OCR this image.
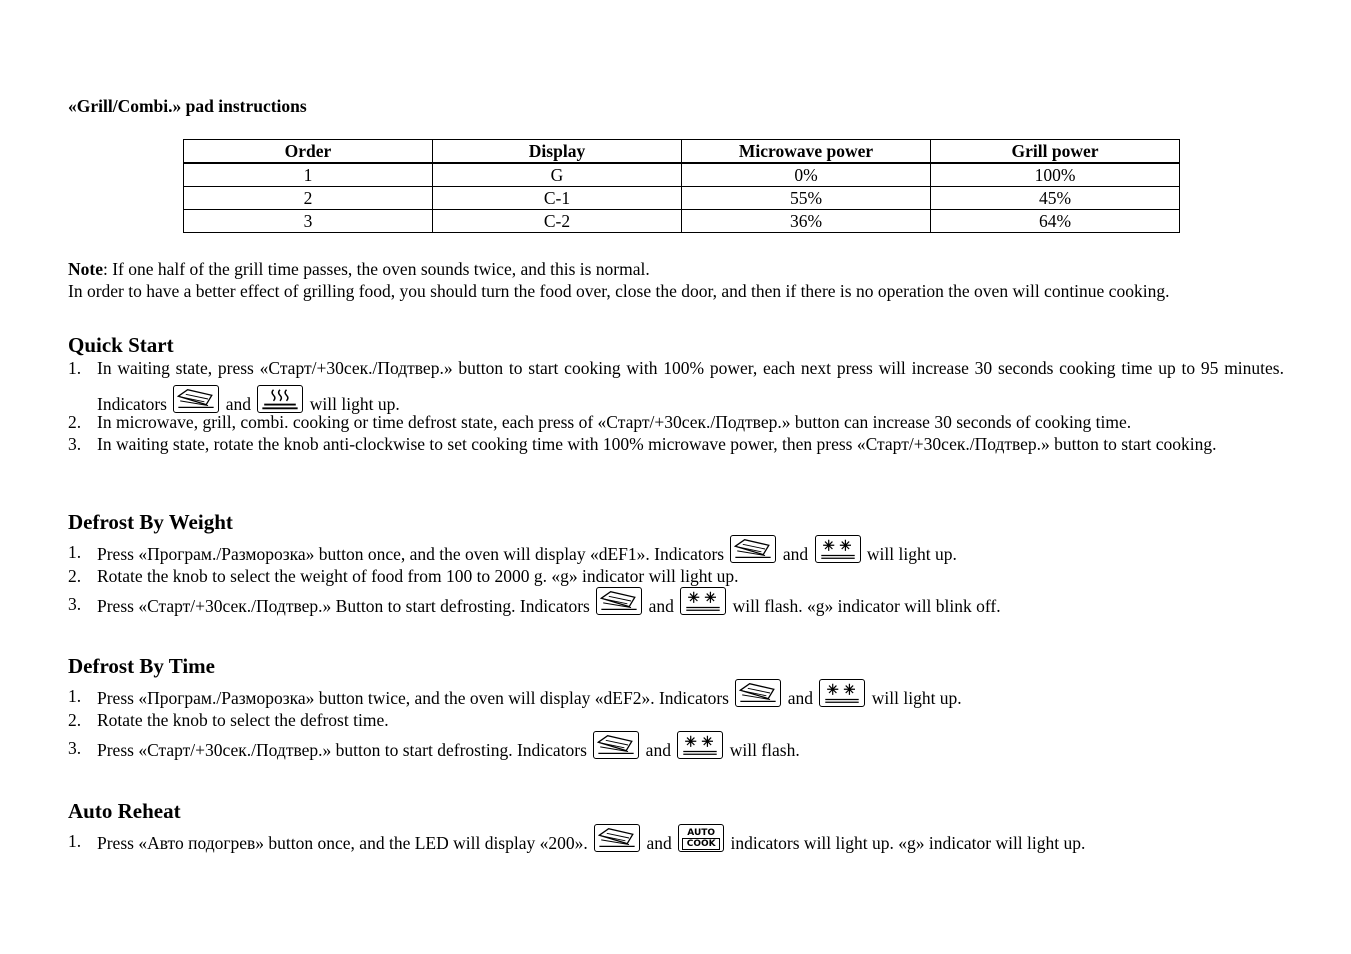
«Grill/Combi.» pad instructions
Order	Display	Microwave power	Grill power
1	G	0%	100%
2	C-1	55%	45%
3	C-2	36%	64%
Note: If one half of the grill time passes, the oven sounds twice, and this is normal.
In order to have a better effect of grilling food, you should turn the food over, close the door, and then if there is no operation the oven will continue cooking.
Quick Start
1. In waiting state, press «Старт/+30сек./Подтвер.» button to start cooking with 100% power, each next press will increase 30 seconds cooking time up to 95 minutes. Indicators	and	will light up.
2. In microwave, grill, combi. cooking or time defrost state, each press of «Старт/+30сек./Подтвер.» button can increase 30 seconds of cooking time.
3. In waiting state, rotate the knob anti-clockwise to set cooking time with 100% microwave power, then press «Старт/+30сек./Подтвер.» button to start cooking.
Defrost By Weight
1. Press «Програм./Разморозка» button once, and the oven will display «dEF1». Indicators	and	will light up.
2. Rotate the knob to select the weight of food from 100 to 2000 g. «g» indicator will light up.
3. Press «Старт/+30сек./Подтвер.» Button to start defrosting. Indicators	and	will flash. «g» indicator will blink off.
Defrost By Time
1. Press «Програм./Разморозка» button twice, and the oven will display «dEF2». Indicators	and	will light up.
2. Rotate the knob to select the defrost time.
3. Press «Старт/+30сек./Подтвер.» button to start defrosting. Indicators	and	will flash.
Auto Reheat
1. Press «Авто подогрев» button once, and the LED will display «200».	and	AUTO
COOK indicators will light up. «g» indicator will light up.
